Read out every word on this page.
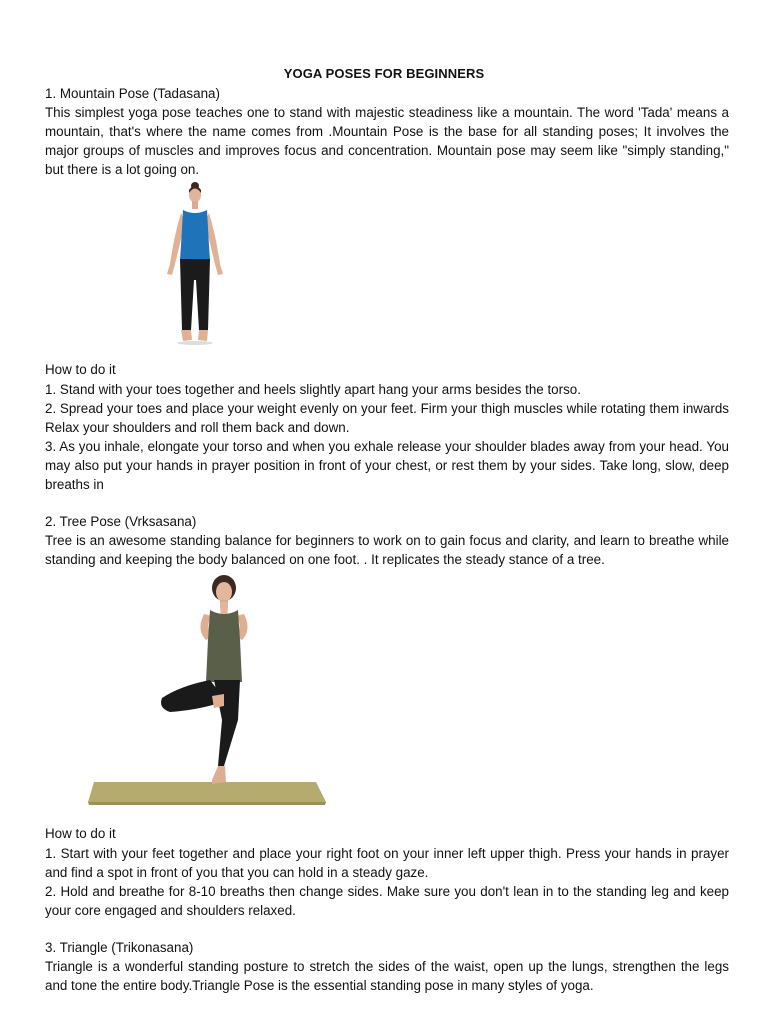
YOGA POSES FOR BEGINNERS
1. Mountain Pose (Tadasana)
This simplest yoga pose teaches one to stand with majestic steadiness like a mountain. The word 'Tada' means a mountain, that's where the name comes from .Mountain Pose is the base for all standing poses; It involves the major groups of muscles and improves focus and concentration. Mountain pose may seem like "simply standing," but there is a lot going on.
How to do it
1. Stand with your toes together and heels slightly apart hang your arms besides the torso.
2. Spread your toes and place your weight evenly on your feet. Firm your thigh muscles while rotating them inwards Relax your shoulders and roll them back and down.
3. As you inhale, elongate your torso and when you exhale release your shoulder blades away from your head. You may also put your hands in prayer position in front of your chest, or rest them by your sides. Take long, slow, deep breaths in
2. Tree Pose (Vrksasana)
Tree is an awesome standing balance for beginners to work on to gain focus and clarity, and learn to breathe while standing and keeping the body balanced on one foot. . It replicates the steady stance of a tree.
How to do it
1. Start with your feet together and place your right foot on your inner left upper thigh. Press your hands in prayer and find a spot in front of you that you can hold in a steady gaze.
2. Hold and breathe for 8-10 breaths then change sides. Make sure you don't lean in to the standing leg and keep your core engaged and shoulders relaxed.
3. Triangle (Trikonasana)
Triangle is a wonderful standing posture to stretch the sides of the waist, open up the lungs, strengthen the legs and tone the entire body.Triangle Pose is the essential standing pose in many styles of yoga.
